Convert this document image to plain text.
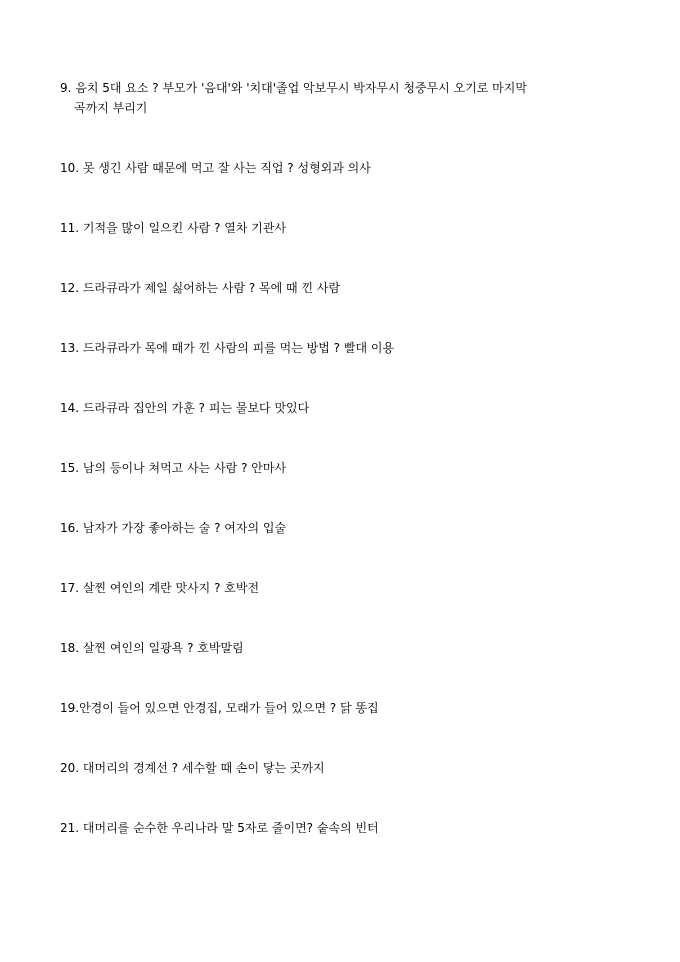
9. 음치 5대 요소 ? 부모가 '음대'와 '치대'졸업 악보무시 박자무시 청중무시 오기로 마지막
곡까지 부리기
10. 못 생긴 사람 때문에 먹고 잘 사는 직업 ? 성형외과 의사
11. 기적을 많이 일으킨 사람 ? 열차 기관사
12. 드라큐라가 제일 싫어하는 사람 ? 목에 때 낀 사람
13. 드라큐라가 목에 때가 낀 사람의 피를 먹는 방법 ? 빨대 이용
14. 드라큐라 집안의 가훈 ? 피는 물보다 맛있다
15. 남의 등이나 쳐먹고 사는 사람 ? 안마사
16. 남자가 가장 좋아하는 술 ? 여자의 입술
17. 살찐 여인의 계란 맛사지 ? 호박전
18. 살찐 여인의 일광욕 ? 호박말림
19.안경이 들어 있으면 안경집, 모래가 들어 있으면 ? 닭 똥집
20. 대머리의 경계선 ? 세수할 때 손이 닿는 곳까지
21. 대머리를 순수한 우리나라 말 5자로 줄이면? 숱속의 빈터
